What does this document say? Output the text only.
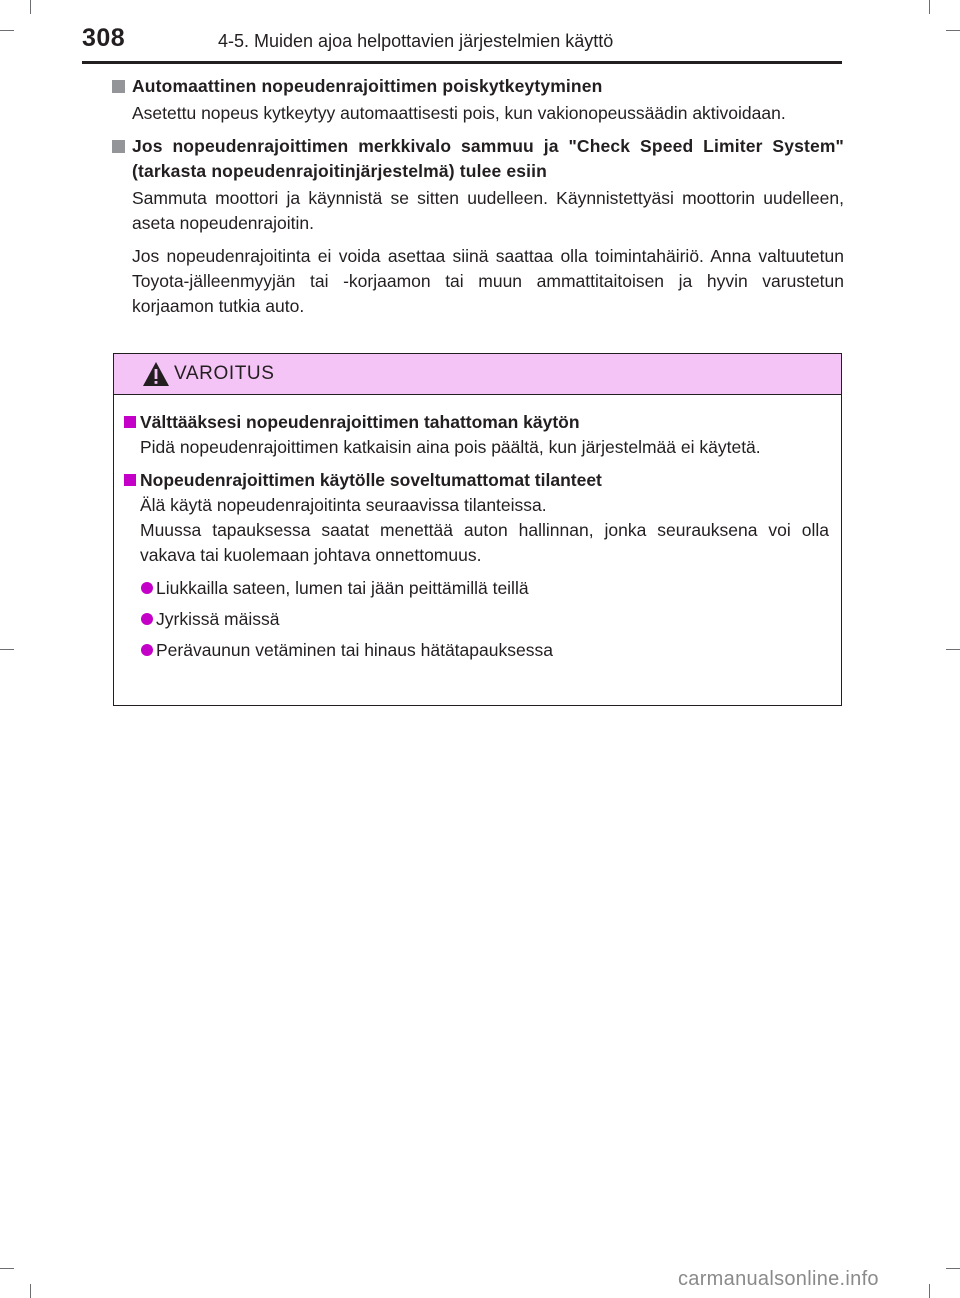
308	4-5. Muiden ajoa helpottavien järjestelmien käyttö
Automaattinen nopeudenrajoittimen poiskytkeytyminen
Asetettu nopeus kytkeytyy automaattisesti pois, kun vakionopeussäädin aktivoidaan.
Jos nopeudenrajoittimen merkkivalo sammuu ja "Check Speed Limiter System" (tarkasta nopeudenrajoitinjärjestelmä) tulee esiin
Sammuta moottori ja käynnistä se sitten uudelleen. Käynnistettyäsi moottorin uudelleen, aseta nopeudenrajoitin.
Jos nopeudenrajoitinta ei voida asettaa siinä saattaa olla toimintahäiriö. Anna valtuutetun Toyota-jälleenmyyjän tai -korjaamon tai muun ammattitaitoisen ja hyvin varustetun korjaamon tutkia auto.
VAROITUS
Välttääksesi nopeudenrajoittimen tahattoman käytön
Pidä nopeudenrajoittimen katkaisin aina pois päältä, kun järjestelmää ei käytetä.
Nopeudenrajoittimen käytölle soveltumattomat tilanteet
Älä käytä nopeudenrajoitinta seuraavissa tilanteissa.
Muussa tapauksessa saatat menettää auton hallinnan, jonka seurauksena voi olla vakava tai kuolemaan johtava onnettomuus.
Liukkailla sateen, lumen tai jään peittämillä teillä
Jyrkissä mäissä
Perävaunun vetäminen tai hinaus hätätapauksessa
carmanualsonline.info
